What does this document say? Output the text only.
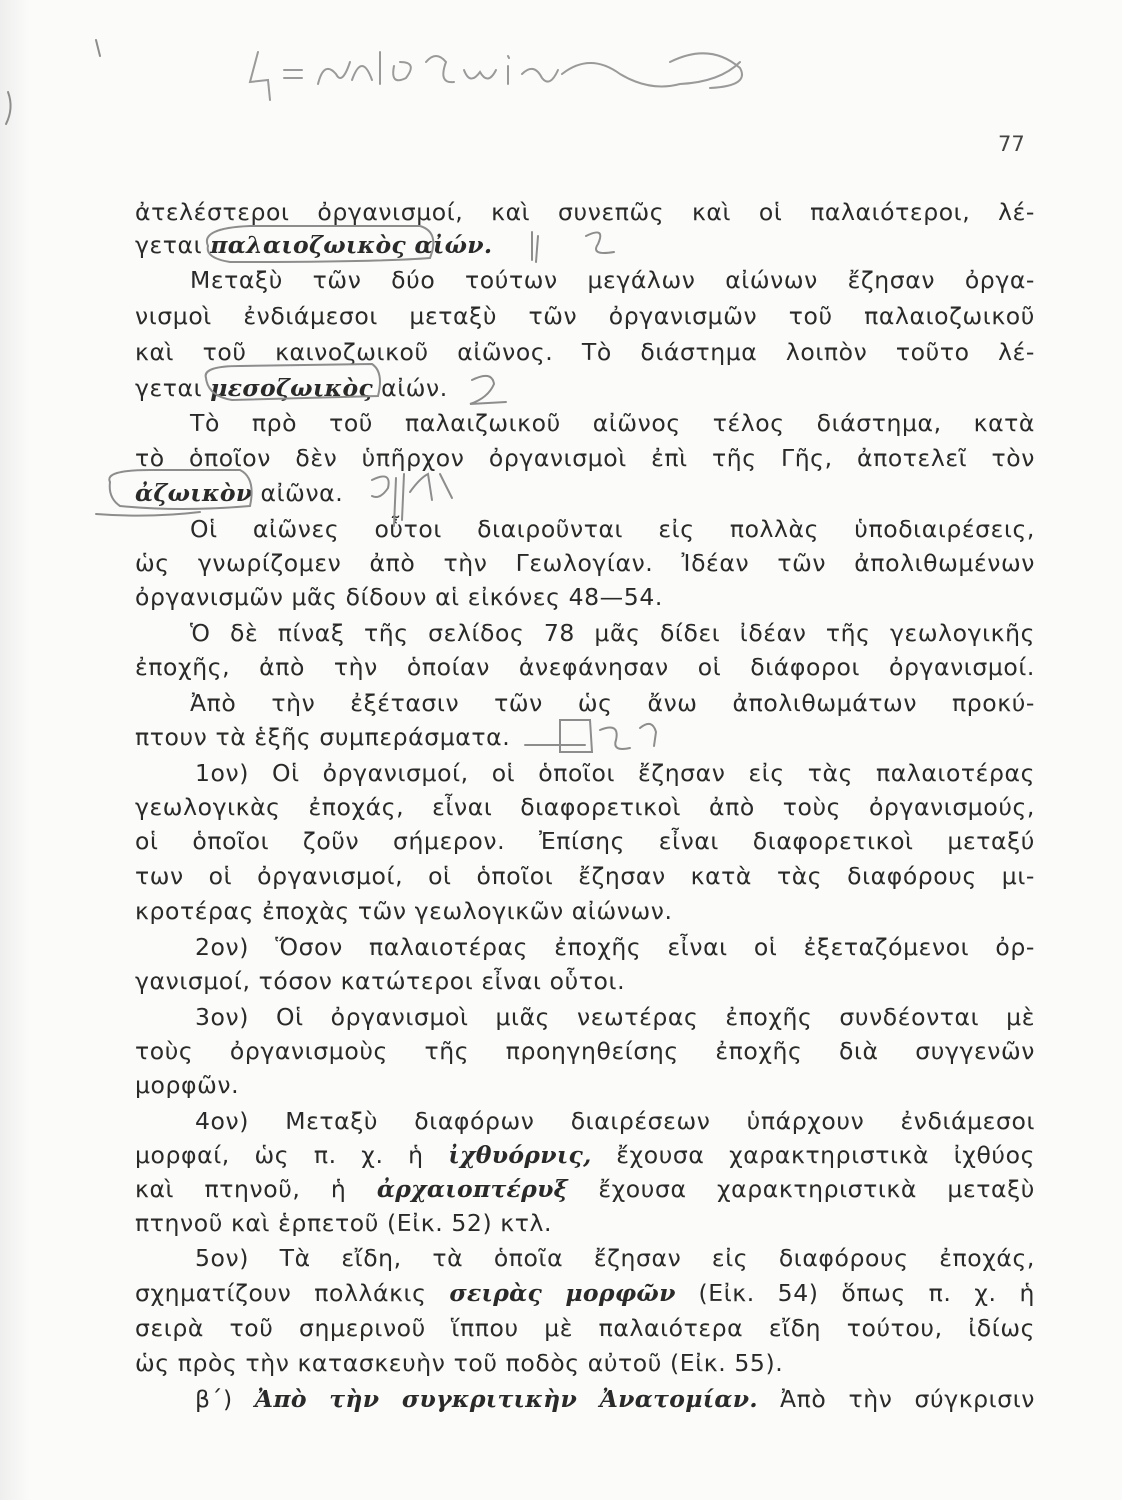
77
ἀτελέστεροι ὀργανισμοί, καὶ συνεπῶς καὶ οἱ παλαιότεροι, λέ-
γεται παλαιοζωικὸς αἰών.
Μεταξὺ τῶν δύο τούτων μεγάλων αἰώνων ἔζησαν ὀργα-
νισμοὶ ἐνδιάμεσοι μεταξὺ τῶν ὀργανισμῶν τοῦ παλαιοζωικοῦ
καὶ τοῦ καινοζωικοῦ αἰῶνος. Τὸ διάστημα λοιπὸν τοῦτο λέ-
γεται μεσοζωικὸς αἰών.
Τὸ πρὸ τοῦ παλαιζωικοῦ αἰῶνος τέλος διάστημα, κατὰ
τὸ ὁποῖον δὲν ὑπῆρχον ὀργανισμοὶ ἐπὶ τῆς Γῆς, ἀποτελεῖ τὸν
ἀζωικὸν αἰῶνα.
Οἱ αἰῶνες οὗτοι διαιροῦνται εἰς πολλὰς ὑποδιαιρέσεις,
ὡς γνωρίζομεν ἀπὸ τὴν Γεωλογίαν. Ἰδέαν τῶν ἀπολιθωμένων
ὀργανισμῶν μᾶς δίδουν αἱ εἰκόνες 48—54.
Ὁ δὲ πίναξ τῆς σελίδος 78 μᾶς δίδει ἰδέαν τῆς γεωλογικῆς
ἐποχῆς, ἀπὸ τὴν ὁποίαν ἀνεφάνησαν οἱ διάφοροι ὀργανισμοί.
Ἀπὸ τὴν ἐξέτασιν τῶν ὡς ἄνω ἀπολιθωμάτων προκύ-
πτουν τὰ ἑξῆς συμπεράσματα.
1ον) Οἱ ὀργανισμοί, οἱ ὁποῖοι ἔζησαν εἰς τὰς παλαιοτέρας
γεωλογικὰς ἐποχάς, εἶναι διαφορετικοὶ ἀπὸ τοὺς ὀργανισμούς,
οἱ ὁποῖοι ζοῦν σήμερον. Ἐπίσης εἶναι διαφορετικοὶ μεταξύ
των οἱ ὀργανισμοί, οἱ ὁποῖοι ἔζησαν κατὰ τὰς διαφόρους μι-
κροτέρας ἐποχὰς τῶν γεωλογικῶν αἰώνων.
2ον) Ὅσον παλαιοτέρας ἐποχῆς εἶναι οἱ ἐξεταζόμενοι ὀρ-
γανισμοί, τόσον κατώτεροι εἶναι οὗτοι.
3ον) Οἱ ὀργανισμοὶ μιᾶς νεωτέρας ἐποχῆς συνδέονται μὲ
τοὺς ὀργανισμοὺς τῆς προηγηθείσης ἐποχῆς διὰ συγγενῶν
μορφῶν.
4ον) Μεταξὺ διαφόρων διαιρέσεων ὑπάρχουν ἐνδιάμεσοι
μορφαί, ὡς π. χ. ἡ ἰχθυόρνις, ἔχουσα χαρακτηριστικὰ ἰχθύος
καὶ πτηνοῦ, ἡ ἀρχαιοπτέρυξ ἔχουσα χαρακτηριστικὰ μεταξὺ
πτηνοῦ καὶ ἑρπετοῦ (Εἰκ. 52) κτλ.
5ον) Τὰ εἴδη, τὰ ὁποῖα ἔζησαν εἰς διαφόρους ἐποχάς,
σχηματίζουν πολλάκις σειρὰς μορφῶν (Εἰκ. 54) ὅπως π. χ. ἡ
σειρὰ τοῦ σημερινοῦ ἵππου μὲ παλαιότερα εἴδη τούτου, ἰδίως
ὡς πρὸς τὴν κατασκευὴν τοῦ ποδὸς αὐτοῦ (Εἰκ. 55).
β΄) Ἀπὸ τὴν συγκριτικὴν Ἀνατομίαν. Ἀπὸ τὴν σύγκρισιν
